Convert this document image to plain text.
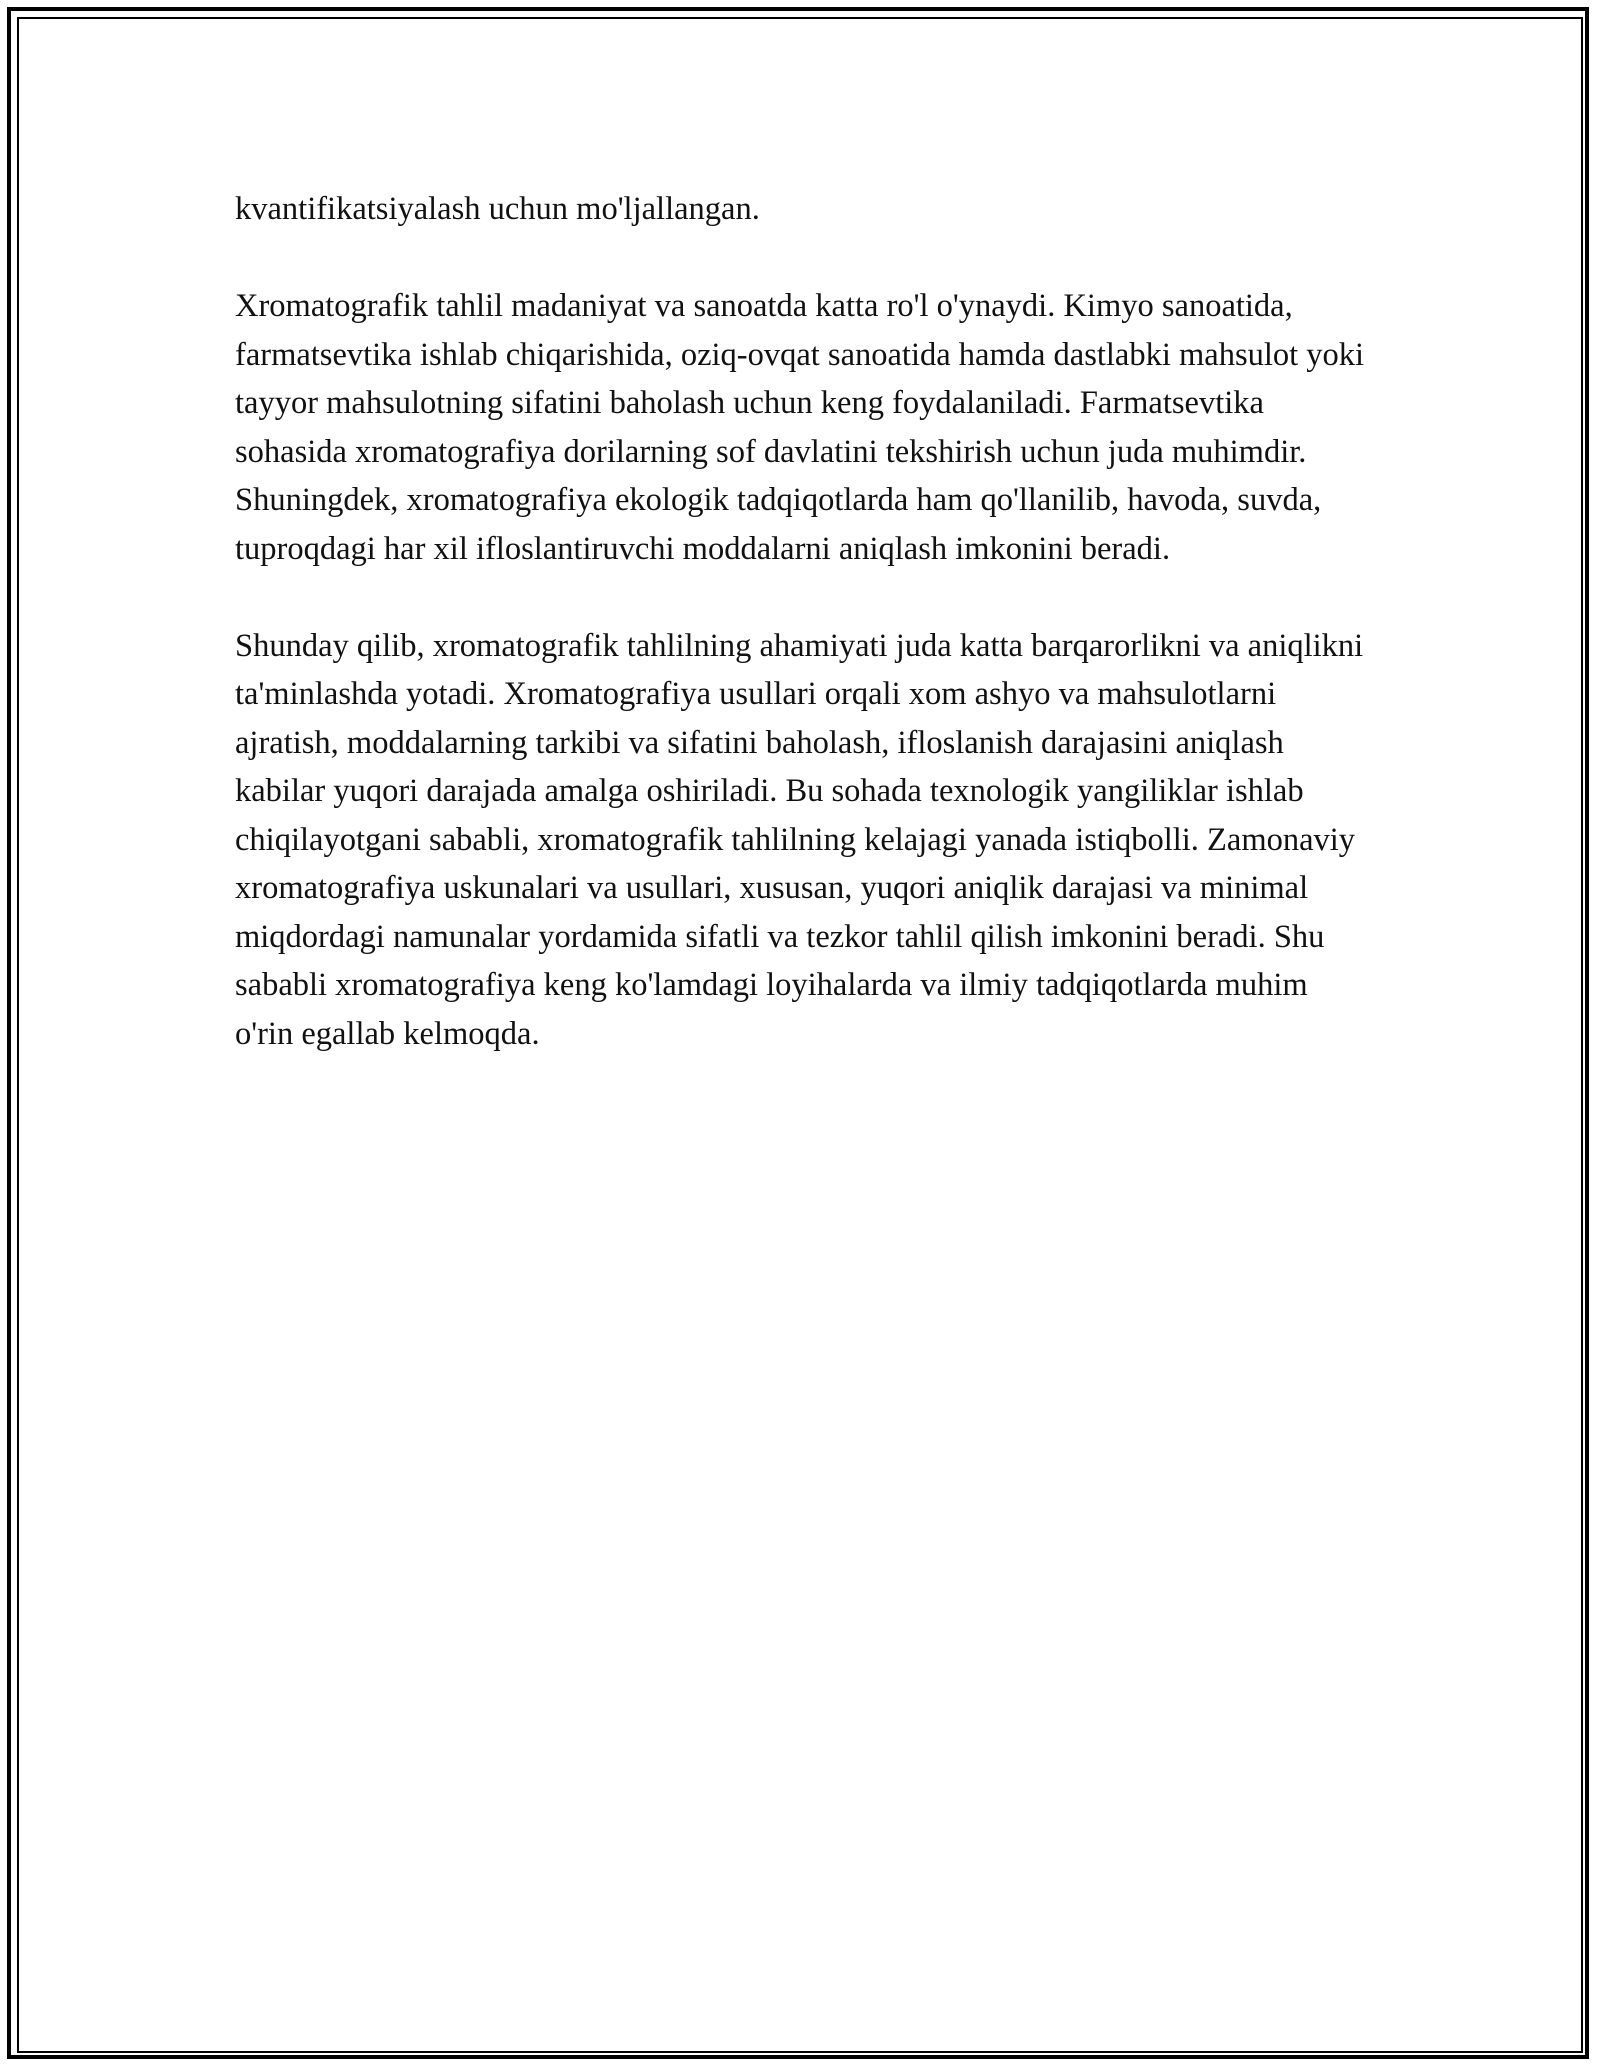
kvantifikatsiyalash uchun mo'ljallangan.

Xromatografik tahlil madaniyat va sanoatda katta ro'l o'ynaydi. Kimyo sanoatida, farmatsevtika ishlab chiqarishida, oziq-ovqat sanoatida hamda dastlabki mahsulot yoki tayyor mahsulotning sifatini baholash uchun keng foydalaniladi. Farmatsevtika sohasida xromatografiya dorilarning sof davlatini tekshirish uchun juda muhimdir. Shuningdek, xromatografiya ekologik tadqiqotlarda ham qo'llanilib, havoda, suvda, tuproqdagi har xil ifloslantiruvchi moddalarni aniqlash imkonini beradi.

Shunday qilib, xromatografik tahlilning ahamiyati juda katta barqarorlikni va aniqlikni ta'minlashda yotadi. Xromatografiya usullari orqali xom ashyo va mahsulotlarni ajratish, moddalarning tarkibi va sifatini baholash, ifloslanish darajasini aniqlash kabilar yuqori darajada amalga oshiriladi. Bu sohada texnologik yangiliklar ishlab chiqilayotgani sababli, xromatografik tahlilning kelajagi yanada istiqbolli. Zamonaviy xromatografiya uskunalari va usullari, xususan, yuqori aniqlik darajasi va minimal miqdordagi namunalar yordamida sifatli va tezkor tahlil qilish imkonini beradi. Shu sababli xromatografiya keng ko'lamdagi loyihalarda va ilmiy tadqiqotlarda muhim o'rin egallab kelmoqda.
